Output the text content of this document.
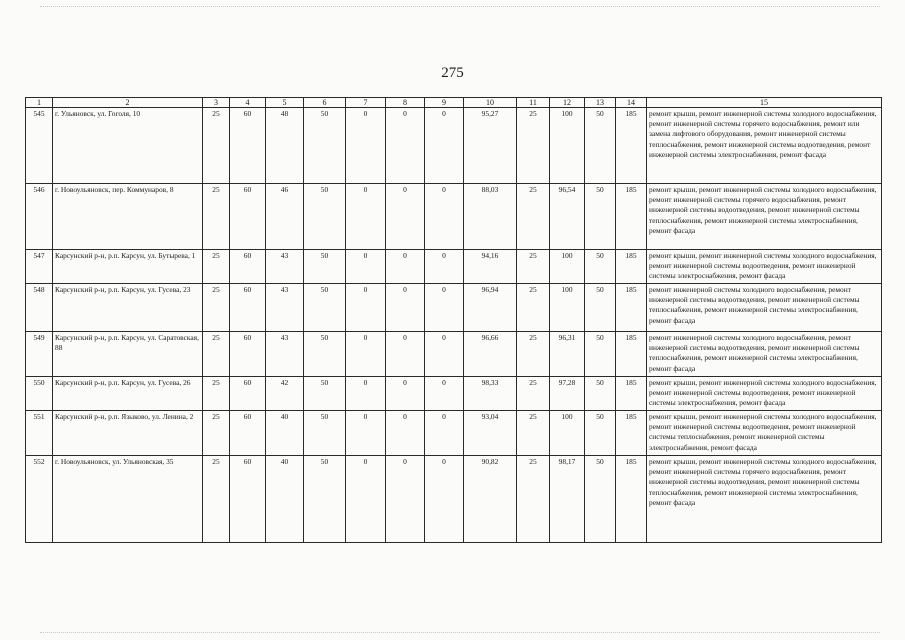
275
1	2	3	4	5	6	7	8	9	10	11	12	13	14	15
545	г. Ульяновск, ул. Гоголя, 10	25	60	48	50	0	0	0	95,27	25	100	50	185	ремонт крыши, ремонт инженерной системы холодного водоснабжения, ремонт инженерной системы горячего водоснабжения, ремонт или замена лифтового оборудования, ремонт инженерной системы теплоснабжения, ремонт инженерной системы водоотведения, ремонт инженерной системы электроснабжения, ремонт фасада
546	г. Новоульяновск, пер. Коммунаров, 8	25	60	46	50	0	0	0	88,03	25	96,54	50	185	ремонт крыши, ремонт инженерной системы холодного водоснабжения, ремонт инженерной системы горячего водоснабжения, ремонт инженерной системы водоотведения, ремонт инженерной системы теплоснабжения, ремонт инженерной системы электроснабжения, ремонт фасада
547	Карсунский р-н, р.п. Карсун, ул. Бутырева, 1	25	60	43	50	0	0	0	94,16	25	100	50	185	ремонт крыши, ремонт инженерной системы холодного водоснабжения, ремонт инженерной системы водоотведения, ремонт инженерной системы электроснабжения, ремонт фасада
548	Карсунский р-н, р.п. Карсун, ул. Гусева, 23	25	60	43	50	0	0	0	96,94	25	100	50	185	ремонт инженерной системы холодного водоснабжения, ремонт инженерной системы водоотведения, ремонт инженерной системы теплоснабжения, ремонт инженерной системы электроснабжения, ремонт фасада
549	Карсунский р-н, р.п. Карсун, ул. Саратовская, 88	25	60	43	50	0	0	0	96,66	25	96,31	50	185	ремонт инженерной системы холодного водоснабжения, ремонт инженерной системы водоотведения, ремонт инженерной системы теплоснабжения, ремонт инженерной системы электроснабжения, ремонт фасада
550	Карсунский р-н, р.п. Карсун, ул. Гусева, 26	25	60	42	50	0	0	0	98,33	25	97,28	50	185	ремонт крыши, ремонт инженерной системы холодного водоснабжения, ремонт инженерной системы водоотведения, ремонт инженерной системы электроснабжения, ремонт фасада
551	Карсунский р-н, р.п. Языково, ул. Ленина, 2	25	60	40	50	0	0	0	93,04	25	100	50	185	ремонт крыши, ремонт инженерной системы холодного водоснабжения, ремонт инженерной системы водоотведения, ремонт инженерной системы теплоснабжения, ремонт инженерной системы электроснабжения, ремонт фасада
552	г. Новоульяновск, ул. Ульяновская, 35	25	60	40	50	0	0	0	90,82	25	98,17	50	185	ремонт крыши, ремонт инженерной системы холодного водоснабжения, ремонт инженерной системы горячего водоснабжения, ремонт инженерной системы водоотведения, ремонт инженерной системы теплоснабжения, ремонт инженерной системы электроснабжения, ремонт фасада
